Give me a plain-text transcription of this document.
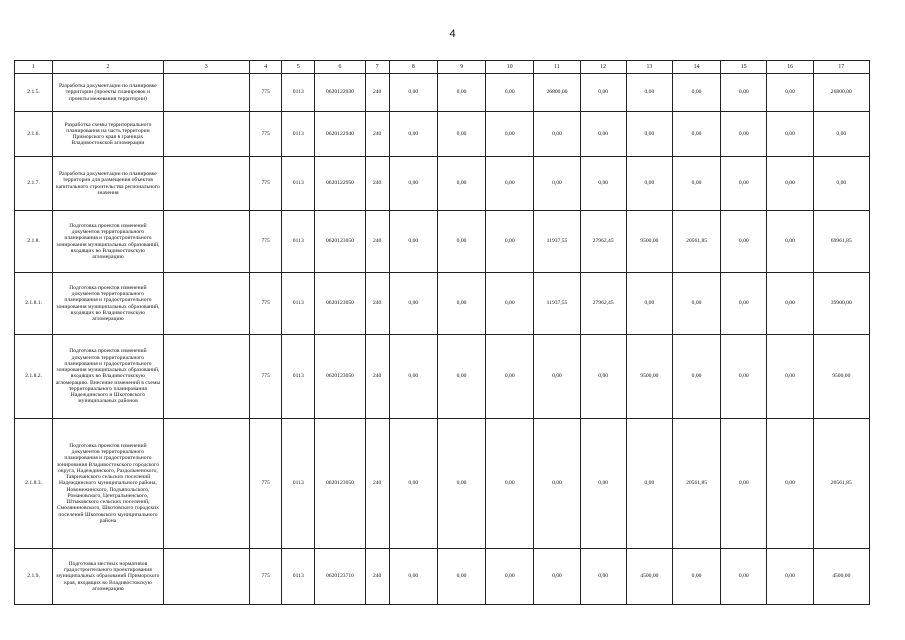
4
1	2	3	4	5	6	7	8	9	10	11	12	13	14	15	16	17
2.1.5.	Разработка документации по планировке территории (проекты планировок и проекты межевания территории)		775	0113	0620122930	240	0,00	0,00	0,00	26800,00	0,00	0,00	0,00	0,00	0,00	26800,00
2.1.6.	Разработка схемы территориального планирования на часть территории Приморского края в границах Владивостокской агломерации		775	0113	0620122940	240	0,00	0,00	0,00	0,00	0,00	0,00	0,00	0,00	0,00	0,00
2.1.7.	Разработка документации по планировке территории для размещения объектов капитального строительства регионального значения		775	0113	0620122950	240	0,00	0,00	0,00	0,00	0,00	0,00	0,00	0,00	0,00	0,00
2.1.8.	Подготовка проектов изменений документов территориального планирования и градостроительного зонирования муниципальных образований, входящих во Владивостокскую агломерацию		775	0113	0620123050	240	0,00	0,00	0,00	11937,55	27962,45	9500,00	20561,85	0,00	0,00	69961,85
2.1.8.1.	Подготовка проектов изменений документов территориального планирования и градостроительного зонирования муниципальных образований, входящих во Владивостокскую агломерацию		775	0113	0620123050	240	0,00	0,00	0,00	11937,55	27962,45	0,00	0,00	0,00	0,00	39900,00
2.1.8.2.	Подготовка проектов изменений документов территориального планирования и градостроительного зонирования муниципальных образований, входящих во Владивостокскую агломерацию. Внесение изменений в схемы территориального планирования Надеждинского и Шкотовского муниципальных районов		775	0113	0620123050	240	0,00	0,00	0,00	0,00	0,00	9500,00	0,00	0,00	0,00	9500,00
2.1.8.3.	Подготовка проектов изменений документов территориального планирования и градостроительного зонирования Владивостокского городского округа, Надеждинского, Раздольненского, Тавричанского сельских поселений Надеждинского муниципального района, Новонежинского, Подъяпольского, Романовского, Центральненского, Штыковского сельских поселений, Смоляниновского, Шкотовского городских поселений Шкотовского муниципального района		775	0113	0620123050	240	0,00	0,00	0,00	0,00	0,00	0,00	20561,85	0,00	0,00	20561,85
2.1.9.	Подготовка местных нормативов градостроительного проектирования муниципальных образований Приморского края, входящих во Владивостокскую агломерацию		775	0113	0620123710	240	0,00	0,00	0,00	0,00	0,00	4500,00	0,00	0,00	0,00	4500,00
